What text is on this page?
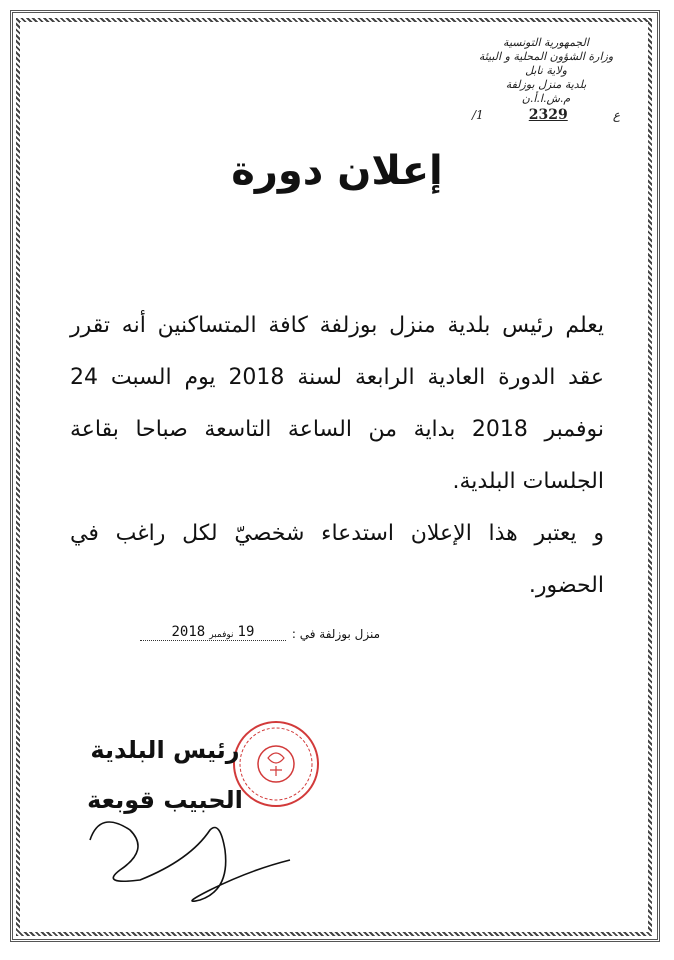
الجمهورية التونسية
وزارة الشؤون المحلية و البيئة
ولاية نابل
بلدية منزل بوزلفة
م.ش.ا.أ.ن
/1	2329	ع
إعلان دورة

يعلم رئيس بلدية منزل بوزلفة كافة المتساكنين أنه تقرر عقد الدورة العادية الرابعة لسنة 2018 يوم السبت 24 نوفمبر 2018 بداية من الساعة التاسعة صباحا بقاعة الجلسات البلدية.

و يعتبر هذا الإعلان استدعاء شخصيّ لكل راغب في الحضور.

منزل بوزلفة في :
2018 نوفمبر 19
رئيس البلدية
الحبيب قوبعة
